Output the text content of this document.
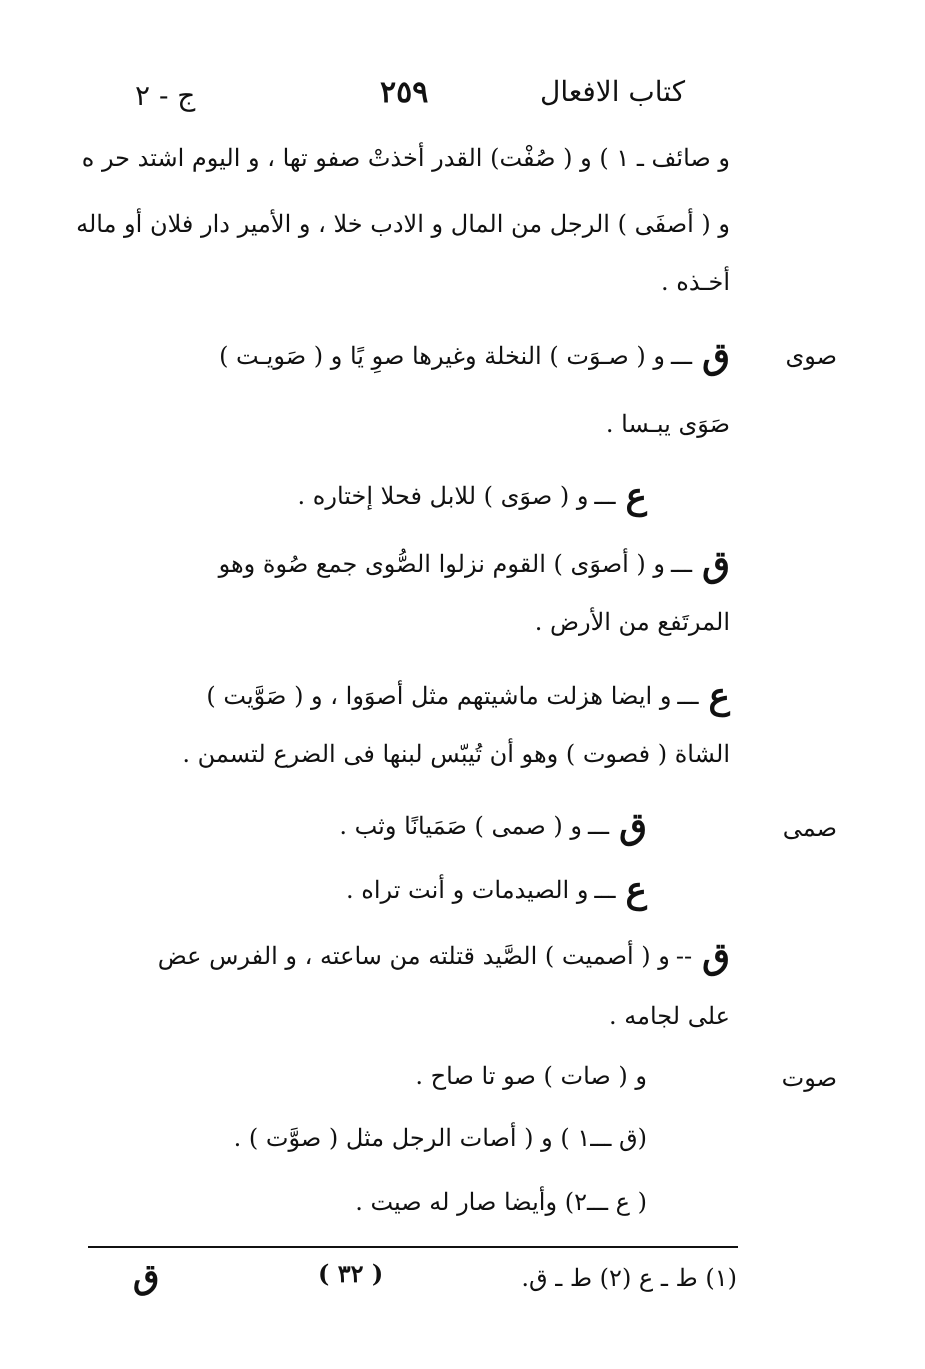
كتاب الافعال
٢٥٩
ج - ٢
و صائف ـ ١ ) و ( صُفْت) القدر أخذتْ صفو تها ، و اليوم اشتد حر ه
و ( أصفَى ) الرجل من المال و الادب خلا ، و الأمير دار فلان أو ماله
أخـذه .
قـــو ( صـوَت ) النخلة وغيرها صوِ يًا و ( صَويـت )	صوى
صَوَى يبـسا .
عـــو ( صوَى ) للابل فحلا إختاره .
قـــو ( أصوَى ) القوم نزلوا الصُّوى جمع صُوة وهو
المرتَفع من الأرض .
عـــو ايضا هزلت ماشيتهم مثل أصوَوا ، و ( صَوَّيت )
الشاة ( فصوت ) وهو أن تُيبّس لبنها فى الضرع لتسمن .
قـــو ( صمى ) صَمَيانًا وثب .	صمى
عـــو الصيدمات و أنت تراه .
ق--و ( أصميت ) الصَّيد قتلته من ساعته ، و الفرس عض
على لجامه .
و ( صات ) صو تا صاح .	صوت
(ق ـــ١ ) و ( أصات الرجل مثل ( صوَّت ) .
( ع ـــ٢) وأيضا صار له صيت .
(١) ط ـ ع (٢) ط ـ ق.
( ٣٢ )
ق
